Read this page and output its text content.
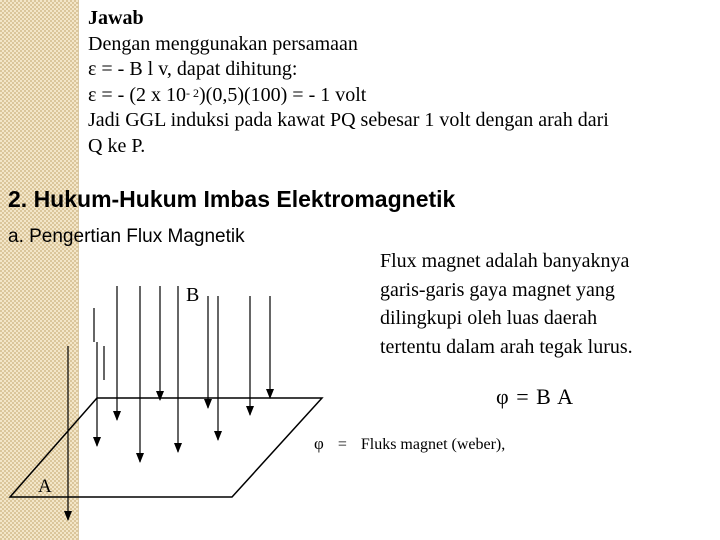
Jawab
Dengan menggunakan persamaan
ε = - B l v, dapat dihitung:
ε = - (2 x $10^{- 2})(0,5)(100)$ = - 1 volt
Jadi GGL induksi pada kawat PQ sebesar 1 volt dengan arah dari
Q ke P.
2. Hukum-Hukum Imbas Elektromagnetik
a. Pengertian Flux Magnetik
Flux magnet adalah banyaknya
garis-garis gaya magnet yang
dilingkupi oleh luas daerah
tertentu dalam arah tegak lurus.
φ = B A
φ = Fluks magnet (weber),
B
A
